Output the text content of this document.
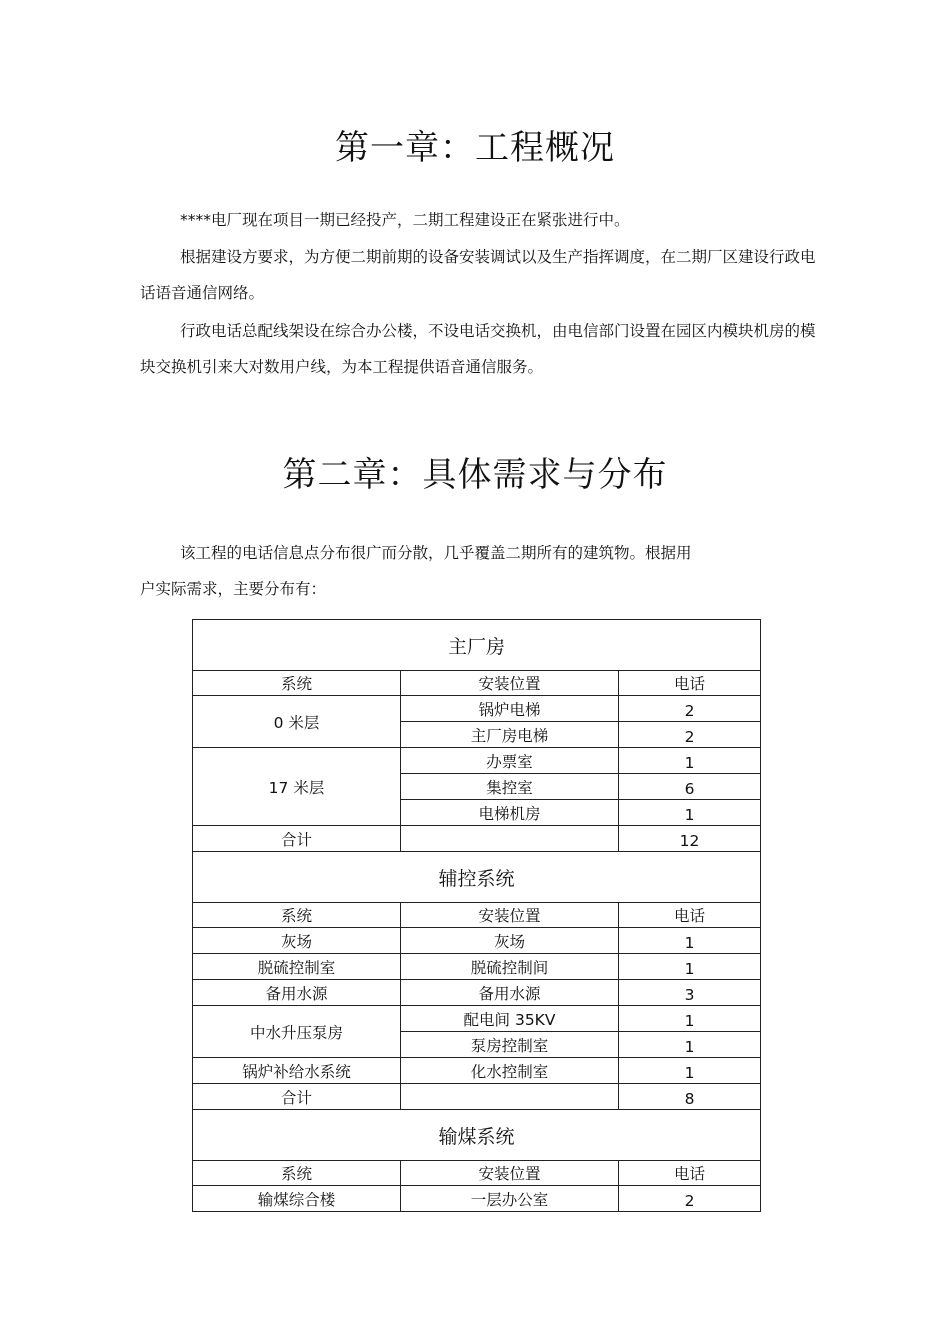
第一章：工程概况
****电厂现在项目一期已经投产，二期工程建设正在紧张进行中。
根据建设方要求，为方便二期前期的设备安装调试以及生产指挥调度，在二期厂区建设行政电话语音通信网络。
行政电话总配线架设在综合办公楼，不设电话交换机，由电信部门设置在园区内模块机房的模块交换机引来大对数用户线，为本工程提供语音通信服务。
第二章：具体需求与分布
该工程的电话信息点分布很广而分散，几乎覆盖二期所有的建筑物。根据用
户实际需求，主要分布有：
主厂房		
系统	安装位置	电话
0 米层	锅炉电梯	2
	主厂房电梯	2
17 米层	办票室	1
	集控室	6
	电梯机房	1
合计		12
辅控系统		
系统	安装位置	电话
灰场	灰场	1
脱硫控制室	脱硫控制间	1
备用水源	备用水源	3
中水升压泵房	配电间 35KV	1
	泵房控制室	1
锅炉补给水系统	化水控制室	1
合计		8
输煤系统		
系统	安装位置	电话
输煤综合楼	一层办公室	2
